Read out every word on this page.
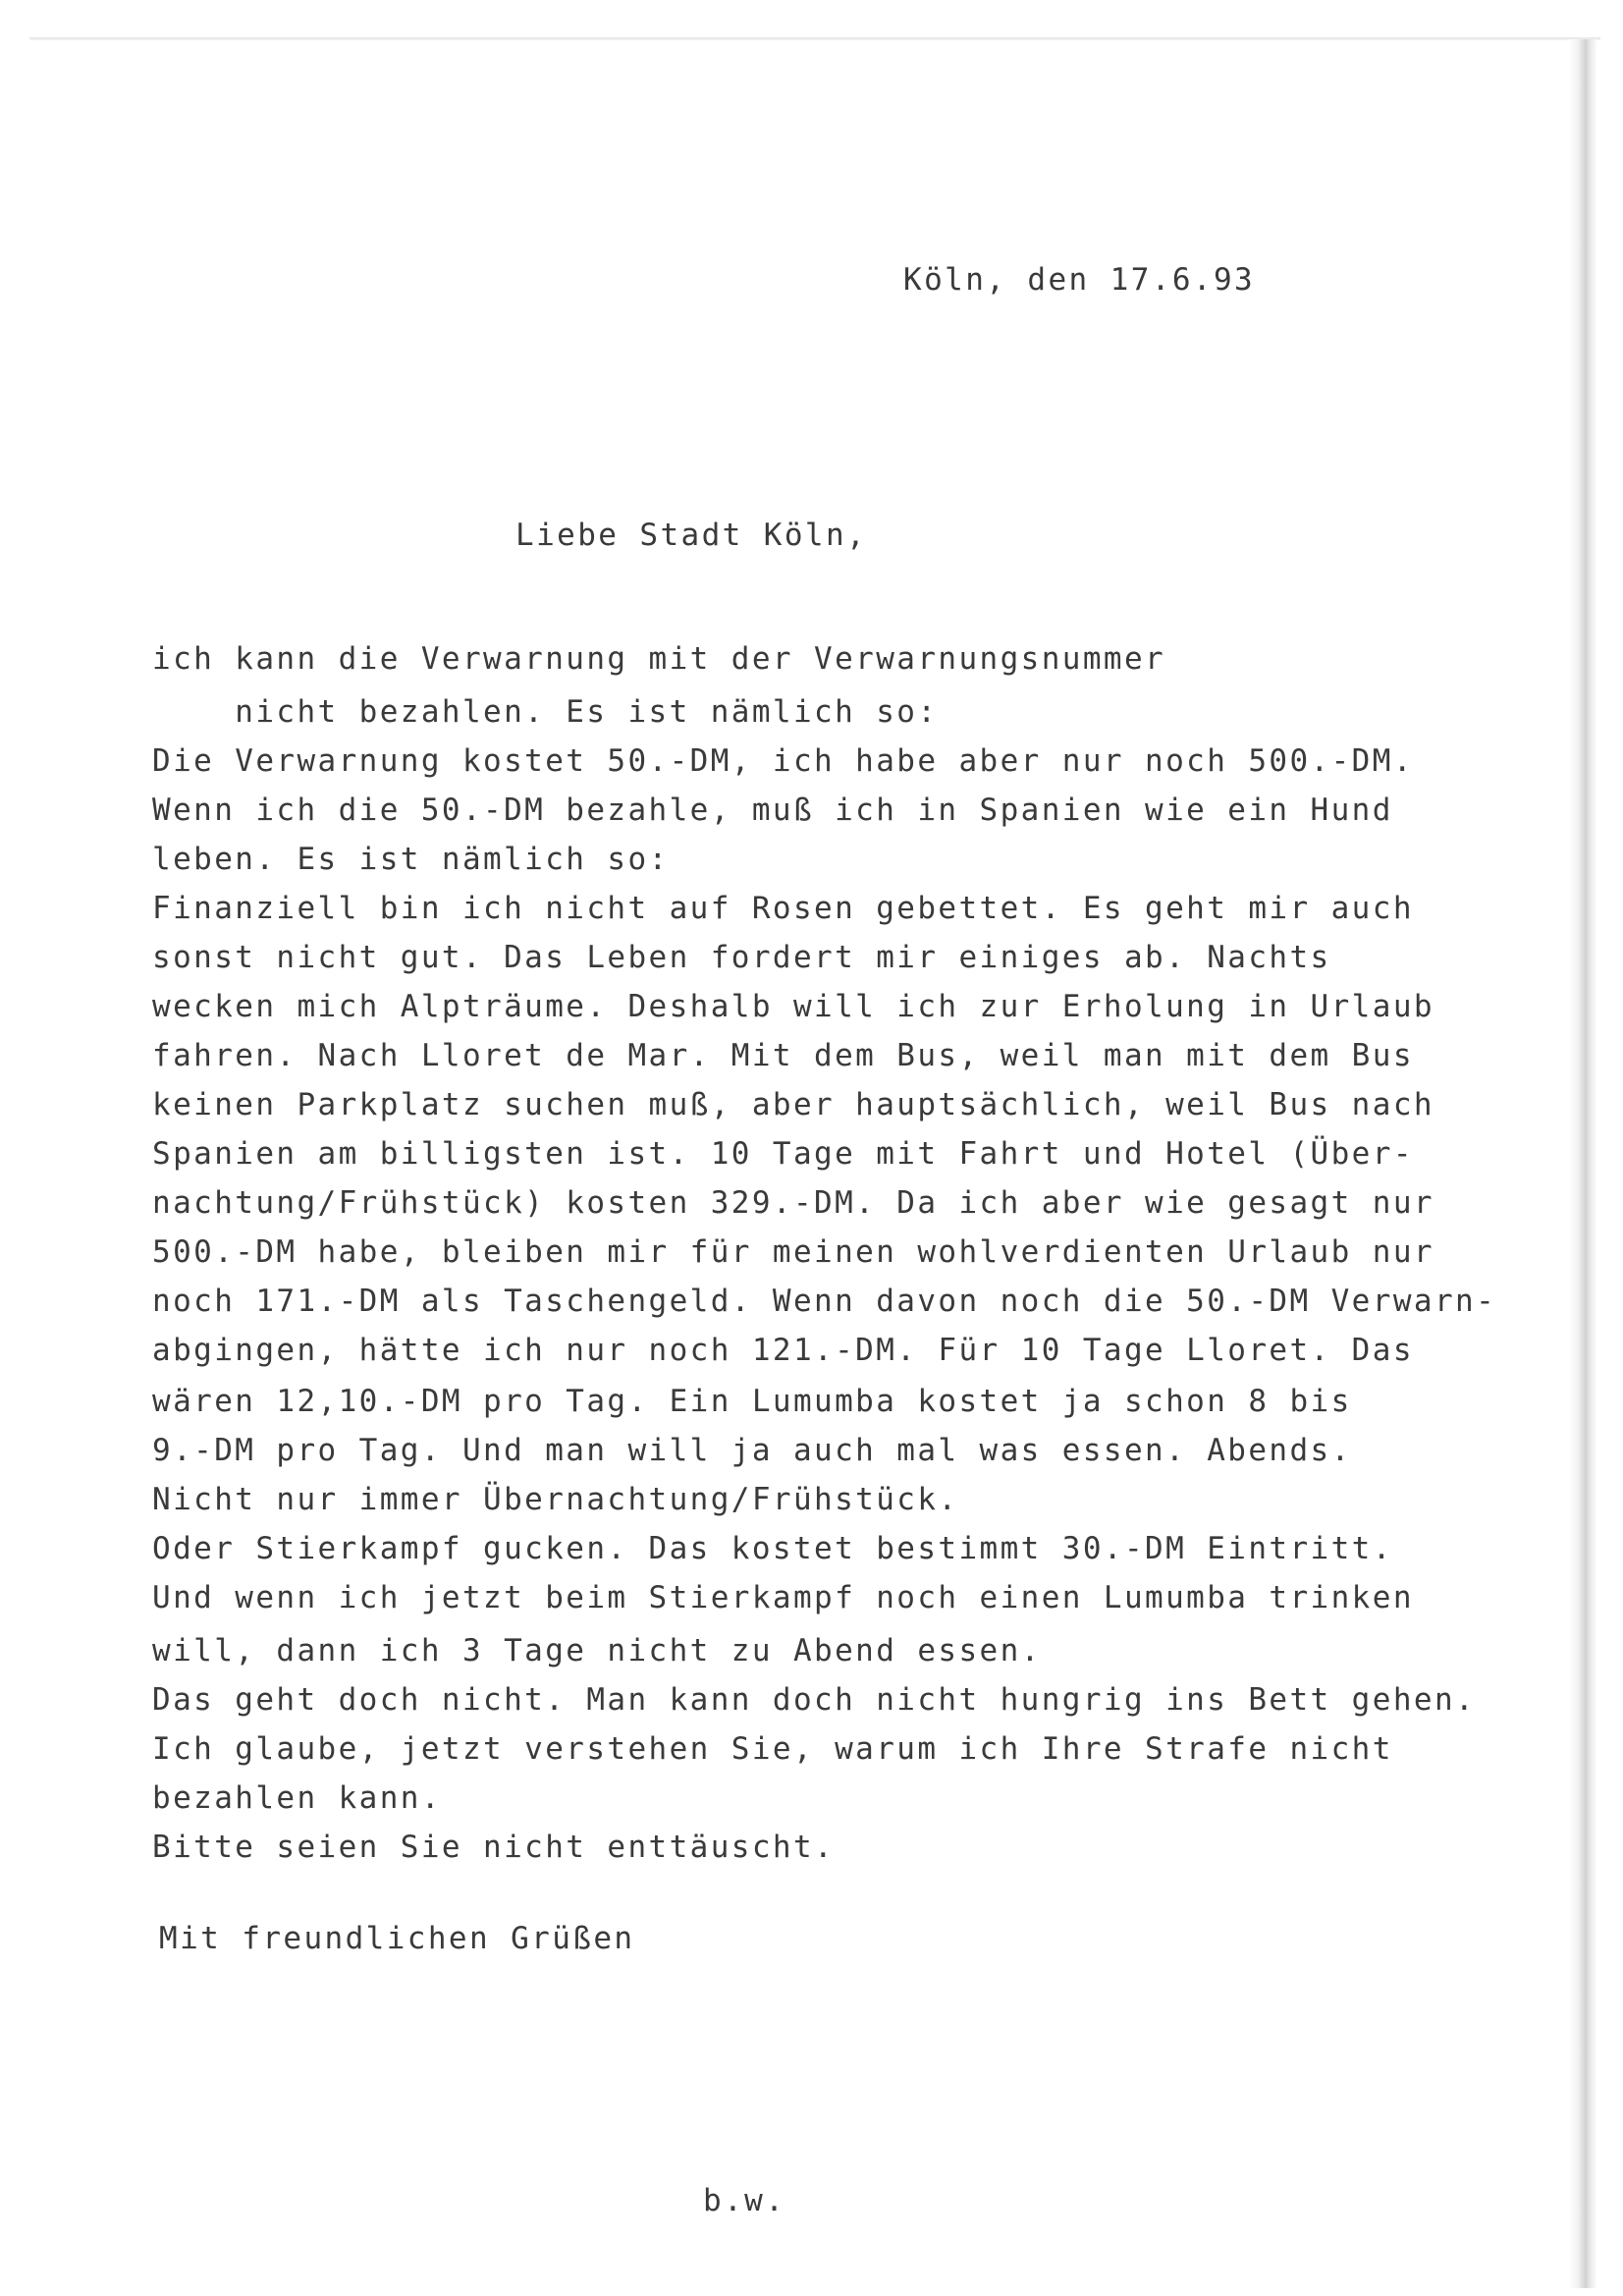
Köln, den 17.6.93
Liebe Stadt Köln,
ich kann die Verwarnung mit der Verwarnungsnummer
nicht bezahlen. Es ist nämlich so:
Die Verwarnung kostet 50.-DM, ich habe aber nur noch 500.-DM.
Wenn ich die 50.-DM bezahle, muß ich in Spanien wie ein Hund
leben. Es ist nämlich so:
Finanziell bin ich nicht auf Rosen gebettet. Es geht mir auch
sonst nicht gut. Das Leben fordert mir einiges ab. Nachts
wecken mich Alpträume. Deshalb will ich zur Erholung in Urlaub
fahren. Nach Lloret de Mar. Mit dem Bus, weil man mit dem Bus
keinen Parkplatz suchen muß, aber hauptsächlich, weil Bus nach
Spanien am billigsten ist. 10 Tage mit Fahrt und Hotel (Über-
nachtung/Frühstück) kosten 329.-DM. Da ich aber wie gesagt nur
500.-DM habe, bleiben mir für meinen wohlverdienten Urlaub nur
noch 171.-DM als Taschengeld. Wenn davon noch die 50.-DM Verwarn-
abgingen, hätte ich nur noch 121.-DM. Für 10 Tage Lloret. Das
wären 12,10.-DM pro Tag. Ein Lumumba kostet ja schon 8 bis
9.-DM pro Tag. Und man will ja auch mal was essen. Abends.
Nicht nur immer Übernachtung/Frühstück.
Oder Stierkampf gucken. Das kostet bestimmt 30.-DM Eintritt.
Und wenn ich jetzt beim Stierkampf noch einen Lumumba trinken
will, dann ich 3 Tage nicht zu Abend essen.
Das geht doch nicht. Man kann doch nicht hungrig ins Bett gehen.
Ich glaube, jetzt verstehen Sie, warum ich Ihre Strafe nicht
bezahlen kann.
Bitte seien Sie nicht enttäuscht.
Mit freundlichen Grüßen
b.w.
